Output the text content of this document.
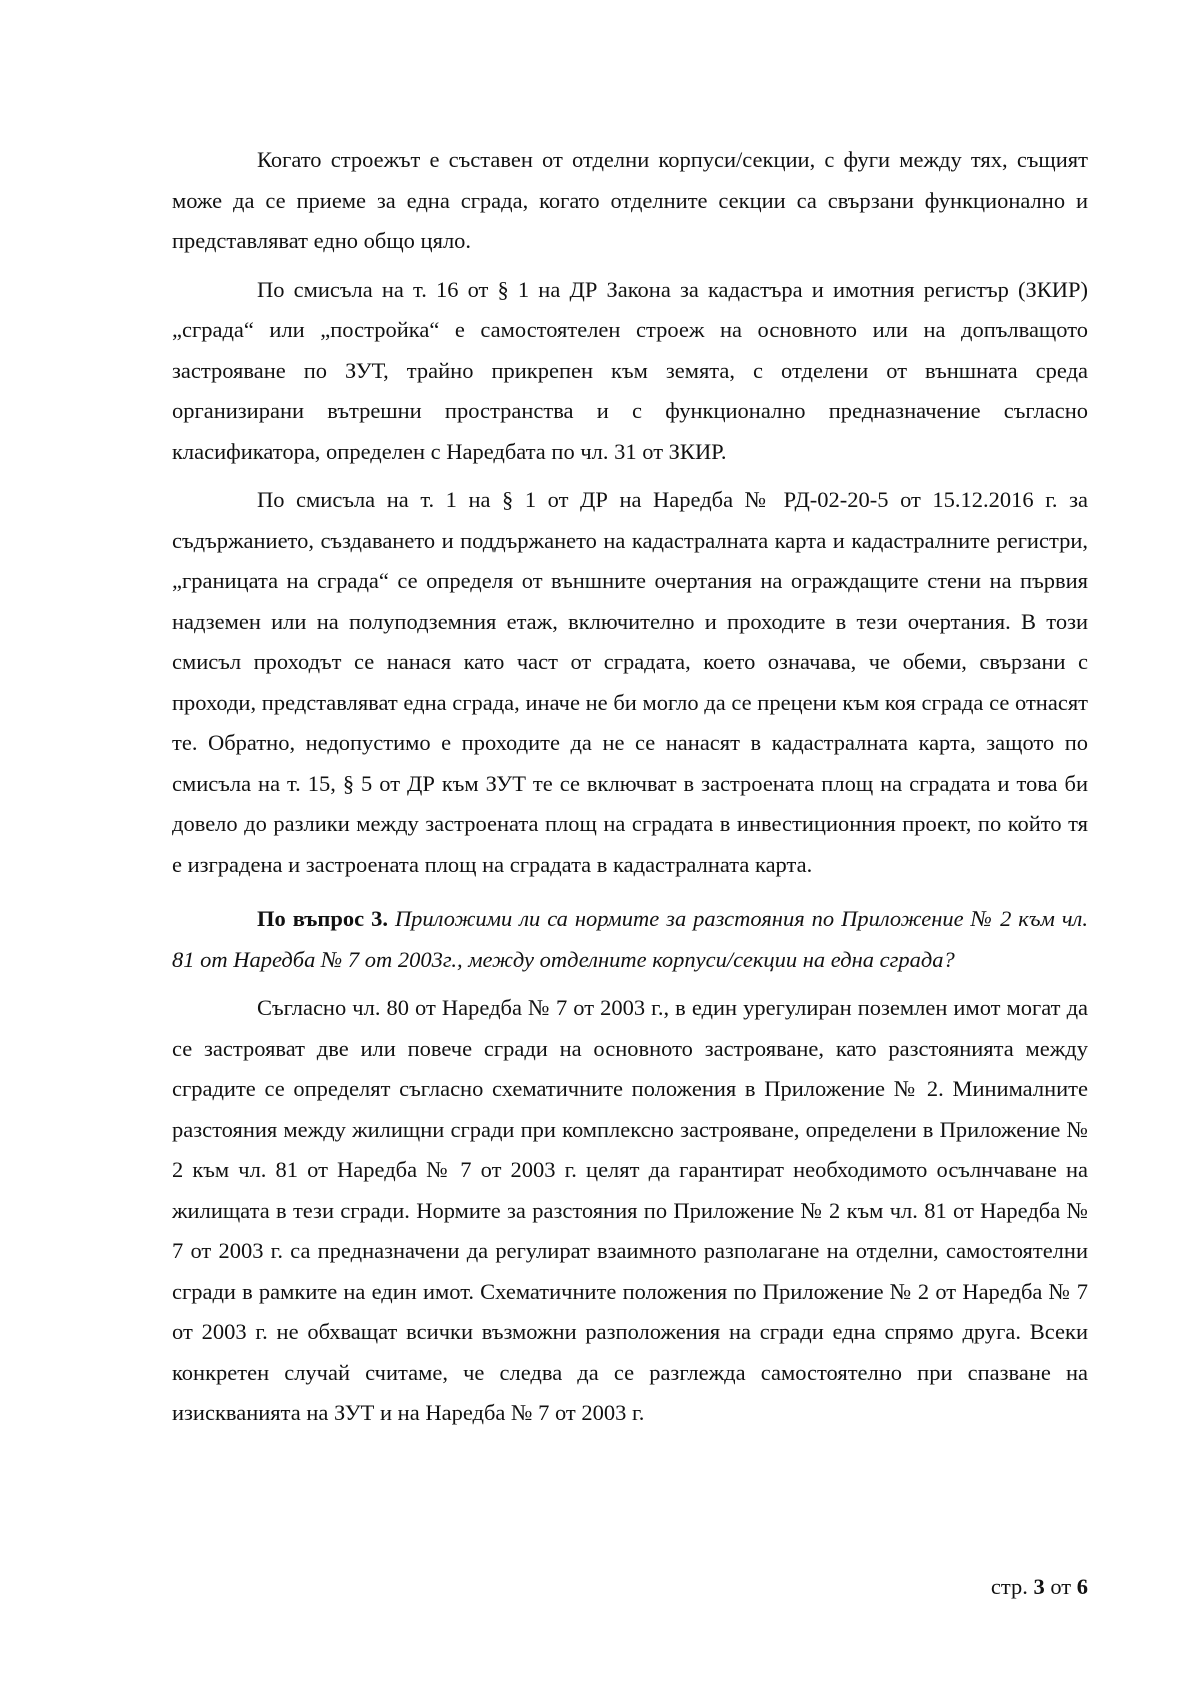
Когато строежът е съставен от отделни корпуси/секции, с фуги между тях, същият може да се приеме за една сграда, когато отделните секции са свързани функционално и представляват едно общо цяло.

По смисъла на т. 16 от § 1 на ДР Закона за кадастъра и имотния регистър (ЗКИР) „сграда“ или „постройка“ е самостоятелен строеж на основното или на допълващото застрояване по ЗУТ, трайно прикрепен към земята, с отделени от външната среда организирани вътрешни пространства и с функционално предназначение съгласно класификатора, определен с Наредбата по чл. 31 от ЗКИР.

По смисъла на т. 1 на § 1 от ДР на Наредба № РД-02-20-5 от 15.12.2016 г. за съдържанието, създаването и поддържането на кадастралната карта и кадастралните регистри, „границата на сграда“ се определя от външните очертания на ограждащите стени на първия надземен или на полуподземния етаж, включително и проходите в тези очертания. В този смисъл проходът се нанася като част от сградата, което означава, че обеми, свързани с проходи, представляват една сграда, иначе не би могло да се прецени към коя сграда се отнасят те. Обратно, недопустимо е проходите да не се нанасят в кадастралната карта, защото по смисъла на т. 15, § 5 от ДР към ЗУТ те се включват в застроената площ на сградата и това би довело до разлики между застроената площ на сградата в инвестиционния проект, по който тя е изградена и застроената площ на сградата в кадастралната карта.

По въпрос 3. Приложими ли са нормите за разстояния по Приложение № 2 към чл. 81 от Наредба № 7 от 2003г., между отделните корпуси/секции на една сграда?

Съгласно чл. 80 от Наредба № 7 от 2003 г., в един урегулиран поземлен имот могат да се застрояват две или повече сгради на основното застрояване, като разстоянията между сградите се определят съгласно схематичните положения в Приложение № 2. Минималните разстояния между жилищни сгради при комплексно застрояване, определени в Приложение № 2 към чл. 81 от Наредба № 7 от 2003 г. целят да гарантират необходимото осълнчаване на жилищата в тези сгради. Нормите за разстояния по Приложение № 2 към чл. 81 от Наредба № 7 от 2003 г. са предназначени да регулират взаимното разполагане на отделни, самостоятелни сгради в рамките на един имот. Схематичните положения по Приложение № 2 от Наредба № 7 от 2003 г. не обхващат всички възможни разположения на сгради една спрямо друга. Всеки конкретен случай считаме, че следва да се разглежда самостоятелно при спазване на изискванията на ЗУТ и на Наредба № 7 от 2003 г.

стр. 3 от 6
